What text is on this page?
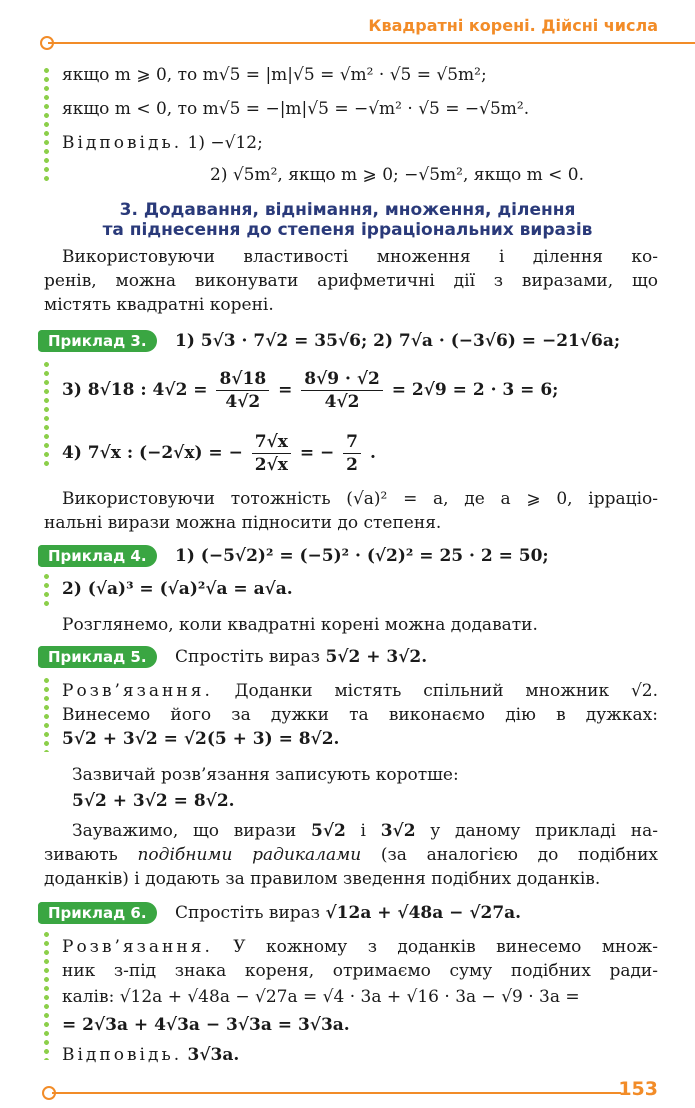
Квадратні корені. Дійсні числа
якщо m ⩾ 0, то m√5 = |m|√5 = √m² · √5 = √5m²;
якщо m < 0, то m√5 = −|m|√5 = −√m² · √5 = −√5m².
Відповідь. 1) −√12;
2) √5m², якщо m ⩾ 0; −√5m², якщо m < 0.
3. Додавання, віднімання, множення, ділення
та піднесення до степеня ірраціональних виразів
Використовуючи властивості множення і ділення ко-
ренів, можна виконувати арифметичні дії з виразами, що
містять квадратні корені.
Приклад 3.	1) 5√3 · 7√2 = 35√6; 2) 7√a · (−3√6) = −21√6a;
3) 8√18 : $4√2 = \frac{8√18}{4√2} = \frac{8√9 \cdot √2}{4√2} = 2√9 = 2 \cdot 3 = 6$;
4) 7√x : (−2√x) = − $\frac{7√x}{2√x}$ = − $\frac{7}{2}$ .
Використовуючи тотожність (√a)² = a, де a ⩾ 0, ірраціо-
нальні вирази можна підносити до степеня.
Приклад 4.	1) (−5√2)² = (−5)² · (√2)² = 25 · 2 = 50;
2) (√a)³ = (√a)²√a = a√a.
Розглянемо, коли квадратні корені можна додавати.
Приклад 5.	Спростіть вираз 5√2 + 3√2.
Розв’язання. Доданки містять спільний множник √2.
Винесемо його за дужки та виконаємо дію в дужках:
5√2 + 3√2 = √2(5 + 3) = 8√2.
Зазвичай розв’язання записують коротше:
5√2 + 3√2 = 8√2.
Зауважимо, що вирази 5√2 і 3√2 у даному прикладі на-
зивають подібними радикалами (за аналогією до подібних
доданків) і додають за правилом зведення подібних доданків.
Приклад 6.	Спростіть вираз √12a + √48a − √27a.
Розв’язання. У кожному з доданків винесемо множ-
ник з-під знака кореня, отримаємо суму подібних ради-
калів: √12a + √48a − √27a = √4 · 3a + √16 · 3a − √9 · 3a =
= 2√3a + 4√3a − 3√3a = 3√3a.
Відповідь. 3√3a.
153
